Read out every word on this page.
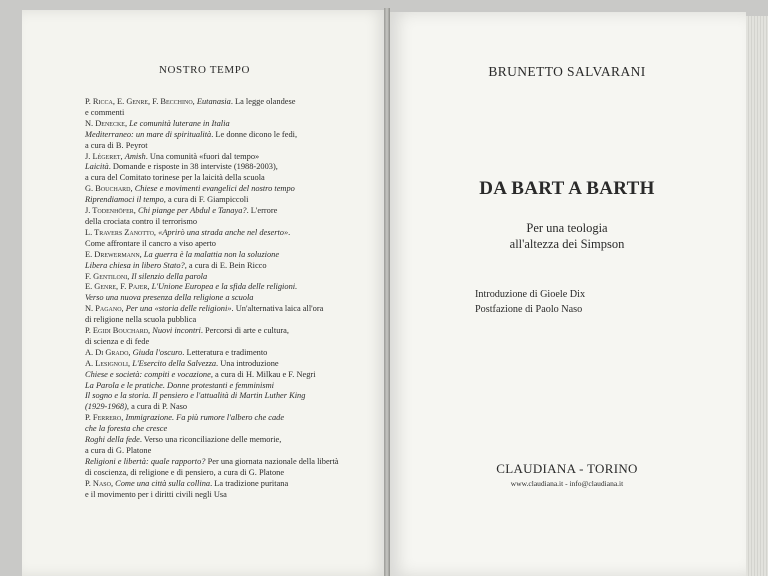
NOSTRO TEMPO
P. Ricca, E. Genre, F. Becchino, Eutanasia. La legge olandese
e commenti
N. Denecke, Le comunità luterane in Italia
Mediterraneo: un mare di spiritualità. Le donne dicono le fedi,
a cura di B. Peyrot
J. Légeret, Amish. Una comunità «fuori dal tempo»
Laicità. Domande e risposte in 38 interviste (1988-2003),
a cura del Comitato torinese per la laicità della scuola
G. Bouchard, Chiese e movimenti evangelici del nostro tempo
Riprendiamoci il tempo, a cura di F. Giampiccoli
J. Todenhöfer, Chi piange per Abdul e Tanaya?. L'errore
della crociata contro il terrorismo
L. Travers Zanotto, «Aprirò una strada anche nel deserto».
Come affrontare il cancro a viso aperto
E. Drewermann, La guerra è la malattia non la soluzione
Libera chiesa in libero Stato?, a cura di E. Bein Ricco
F. Gentiloni, Il silenzio della parola
E. Genre, F. Pajer, L'Unione Europea e la sfida delle religioni.
Verso una nuova presenza della religione a scuola
N. Pagano, Per una «storia delle religioni». Un'alternativa laica all'ora
di religione nella scuola pubblica
P. Egidi Bouchard, Nuovi incontri. Percorsi di arte e cultura,
di scienza e di fede
A. Di Grado, Giuda l'oscuro. Letteratura e tradimento
A. Lesignoli, L'Esercito della Salvezza. Una introduzione
Chiese e società: compiti e vocazione, a cura di H. Milkau e F. Negri
La Parola e le pratiche. Donne protestanti e femminismi
Il sogno e la storia. Il pensiero e l'attualità di Martin Luther King
(1929-1968), a cura di P. Naso
P. Ferrero, Immigrazione. Fa più rumore l'albero che cade
che la foresta che cresce
Roghi della fede. Verso una riconciliazione delle memorie,
a cura di G. Platone
Religioni e libertà: quale rapporto? Per una giornata nazionale della libertà
di coscienza, di religione e di pensiero, a cura di G. Platone
P. Naso, Come una città sulla collina. La tradizione puritana
e il movimento per i diritti civili negli Usa
BRUNETTO SALVARANI
DA BART A BARTH
Per una teologia
all'altezza dei Simpson
Introduzione di Gioele Dix
Postfazione di Paolo Naso
CLAUDIANA - TORINO
www.claudiana.it - info@claudiana.it
